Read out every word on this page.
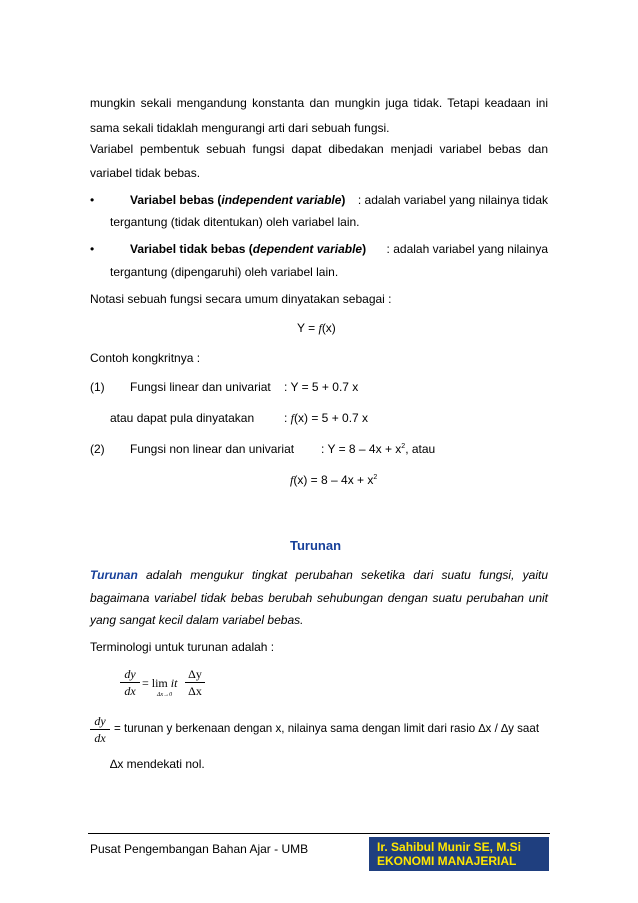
mungkin sekali mengandung konstanta dan mungkin juga tidak. Tetapi keadaan ini
sama sekali tidaklah mengurangi arti dari sebuah fungsi.
Variabel pembentuk sebuah fungsi dapat dibedakan menjadi variabel bebas dan
variabel tidak bebas.
•	Variabel bebas (independent variable) : adalah variabel yang nilainya tidak
tergantung (tidak ditentukan) oleh variabel lain.
•	Variabel tidak bebas (dependent variable) : adalah variabel yang nilainya
tergantung (dipengaruhi) oleh variabel lain.
Notasi sebuah fungsi secara umum dinyatakan sebagai :
Y = f(x)
Contoh kongkritnya :
(1) Fungsi linear dan univariat : Y = 5 + 0.7 x
atau dapat pula dinyatakan : f(x) = 5 + 0.7 x
(2) Fungsi non linear dan univariat : $Y = 8 - 4x + x^2$, atau
$f(x) = 8 - 4x + x^2$
Turunan
Turunan adalah mengukur tingkat perubahan seketika dari suatu fungsi, yaitu
bagaimana variabel tidak bebas berubah sehubungan dengan suatu perubahan unit
yang sangat kecil dalam variabel bebas.
Terminologi untuk turunan adalah :
$\frac{dy}{dx} = \lim$ it
$\Delta x\to 0 \frac{\Delta y}{\Delta x}$
$\frac{dy}{dx}$ = turunan y berkenaan dengan x, nilainya sama dengan limit dari rasio ∆x / ∆y saat
∆x mendekati nol.
Pusat Pengembangan Bahan Ajar - UMB	Ir. Sahibul Munir SE, M.Si
EKONOMI MANAJERIAL
